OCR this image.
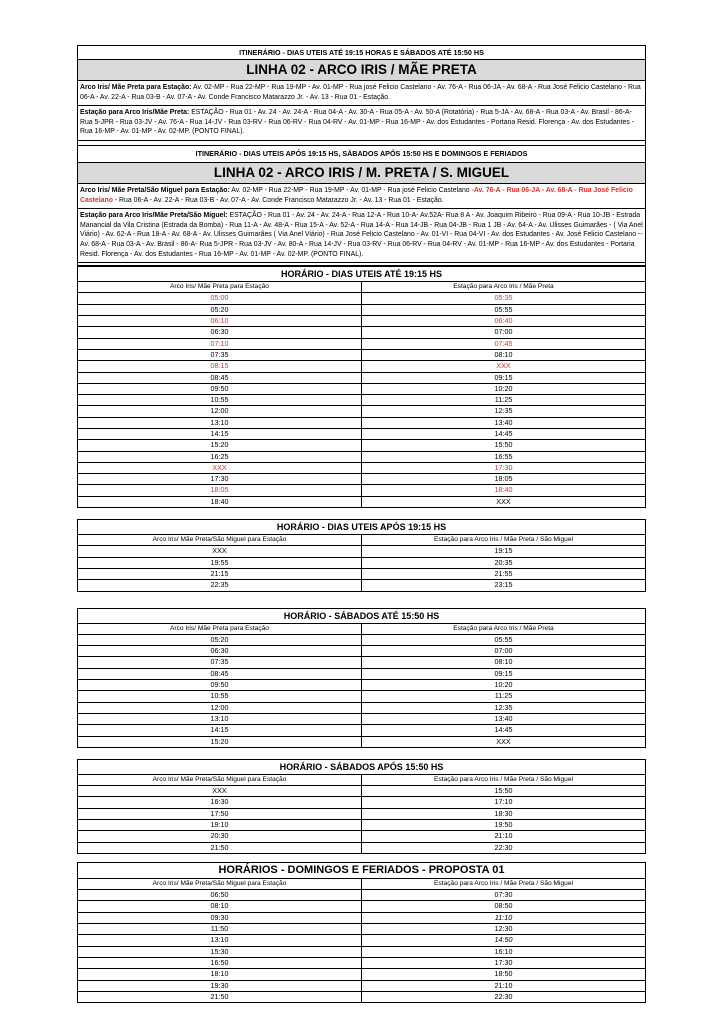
ITINERÁRIO - DIAS UTEIS ATÉ 19:15 HORAS E SÁBADOS ATÉ 15:50 HS
LINHA 02 - ARCO IRIS / MÃE PRETA
Arco Iris/ Mãe Preta para Estação: Av. 02-MP - Rua 22-MP - Rua 19-MP - Av. 01-MP - Rua josé Felicio Castelano - Av. 76-A - Rua 06-JA - Av. 68-A - Rua José Felicio Castelano - Rua 06-A - Av. 22-A - Rua 03-B - Av. 07-A - Av. Conde Francisco Matarazzo Jr. - Av. 13 - Rua 01 - Estação.
Estação para Arco Iris/Mãe Preta: ESTAÇÃO - Rua 01 - Av. 24 - Av. 24-A - Rua 04-A - Av. 30-A - Rua 05-A - Av. 50-A (Rotatória) - Rua 5-JA - Av. 68-A - Rua 03-A - Av. Brasil - 86-A- Rua 5-JPR - Rua 03-JV - Av. 76-A - Rua 14-JV - Rua 03-RV - Rua 06-RV - Rua 04-RV - Av. 01-MP - Rua 16-MP - Av. dos Estudantes - Portaria Resid. Florença - Av. dos Estudantes - Rua 16-MP - Av. 01-MP - Av. 02-MP. (PONTO FINAL).
ITINERÁRIO - DIAS UTEIS APÓS 19:15 HS, SÁBADOS APÓS 15:50 HS E DOMINGOS E FERIADOS
LINHA 02 - ARCO IRIS / M. PRETA / S. MIGUEL
Arco Iris/ Mãe Preta/São Miguel para Estação: Av. 02-MP - Rua 22-MP - Rua 19-MP - Av. 01-MP - Rua josé Felicio Castelano -Av. 76-A - Rua 06-JA - Av. 68-A - Rua José Felicio Castelano - Rua 06-A - Av. 22-A - Rua 03-B - Av. 07-A - Av. Conde Francisco Matarazzo Jr. - Av. 13 - Rua 01 - Estação.
Estação para Arco Iris/Mãe Preta/São Miguel: ESTAÇÃO - Rua 01 - Av. 24 - Av. 24-A - Rua 12-A - Rua 10-A- Av.52A- Rua 8 A - Av. Joaquim Ribeiro - Rua 09-A - Rua 10-JB - Estrada Manancial da Vila Cristina (Estrada da Bomba) - Rua 11-A - Av. 48-A - Rua 15-A - Av. 52-A - Rua 14-A - Rua 14-JB - Rua 04-JB - Rua 1 JB - Av. 64-A - Av. Ulisses Guimarães - ( Via Anel Viário) - Av. 62-A - Rua 18-A - Av. 68-A - Av. Ulisses Guimarães ( Via Anel Viário) - Rua José Felicio Castelano - Av. 01-VI - Rua 04-VI - Av. dos Estudantes - Av. José Felicio Castelano -- Av. 68-A - Rua 03-A - Av. Brasil - 86-A- Rua 5-JPR - Rua 03-JV - Av. 80-A - Rua 14-JV - Rua 03-RV - Rua 06-RV - Rua 04-RV - Av. 01-MP - Rua 16-MP - Av. dos Estudantes - Portaria Resid. Florença - Av. dos Estudantes - Rua 16-MP - Av. 01-MP - Av. 02-MP. (PONTO FINAL).
HORÁRIO - DIAS UTEIS ATÉ 19:15 HS
Arco Iris/ Mãe Preta para Estação	Estação para Arco Iris / Mãe Preta
05:00	05:35
05:20	05:55
06:10	06:40
06:30	07:00
07:10	07:45
07:35	08:10
08:15	XXX
08:45	09:15
09:50	10:20
10:55	11:25
12:00	12:35
13:10	13:40
14:15	14:45
15:20	15:50
16:25	16:55
XXX	17:30
17:30	18:05
18:05	18:40
18:40	XXX
HORÁRIO - DIAS UTEIS APÓS 19:15 HS
Arco Iris/ Mãe Preta/São Miguel para Estação	Estação para Arco Iris / Mãe Preta / São Miguel
XXX	19:15
19:55	20:35
21:15	21:55
22:35	23:15
HORÁRIO - SÁBADOS ATÉ 15:50 HS
Arco Iris/ Mãe Preta para Estação	Estação para Arco Iris / Mãe Preta
05:20	05:55
06:30	07:00
07:35	08:10
08:45	09:15
09:50	10:20
10:55	11:25
12:00	12:35
13:10	13:40
14:15	14:45
15:20	XXX
HORÁRIO - SÁBADOS APÓS 15:50 HS
Arco Iris/ Mãe Preta/São Miguel para Estação	Estação para Arco Iris / Mãe Preta / São Miguel
XXX	15:50
16:30	17:10
17:50	18:30
19:10	19:50
20:30	21:10
21:50	22:30
HORÁRIOS - DOMINGOS E FERIADOS - PROPOSTA 01
Arco Iris/ Mãe Preta/São Miguel para Estação	Estação para Arco Iris / Mãe Preta / São Miguel
06:50	07:30
08:10	08:50
09:30	11:10
11:50	12:30
13:10	14:50
15:30	16:10
16:50	17:30
18:10	18:50
19:30	21:10
21:50	22:30
